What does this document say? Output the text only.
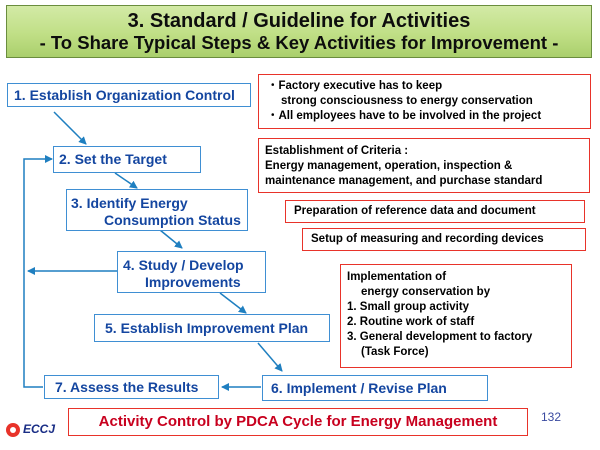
3. Standard / Guideline for Activities
- To Share Typical Steps & Key Activities for Improvement -
1. Establish Organization Control
2. Set the Target
3. Identify Energy
Consumption Status
4. Study / Develop
Improvements
5. Establish Improvement Plan
6. Implement / Revise Plan
7. Assess the Results
・Factory executive has to keep
strong consciousness to energy conservation
・All employees have to be involved in the project
Establishment of Criteria :
Energy management, operation, inspection &
maintenance management, and purchase standard
Preparation of reference data and document
Setup of measuring and recording devices
Implementation of
energy conservation by
1. Small group activity
2. Routine work of staff
3. General development to factory
(Task Force)
Activity Control by PDCA Cycle for Energy Management	132
ECCJ
